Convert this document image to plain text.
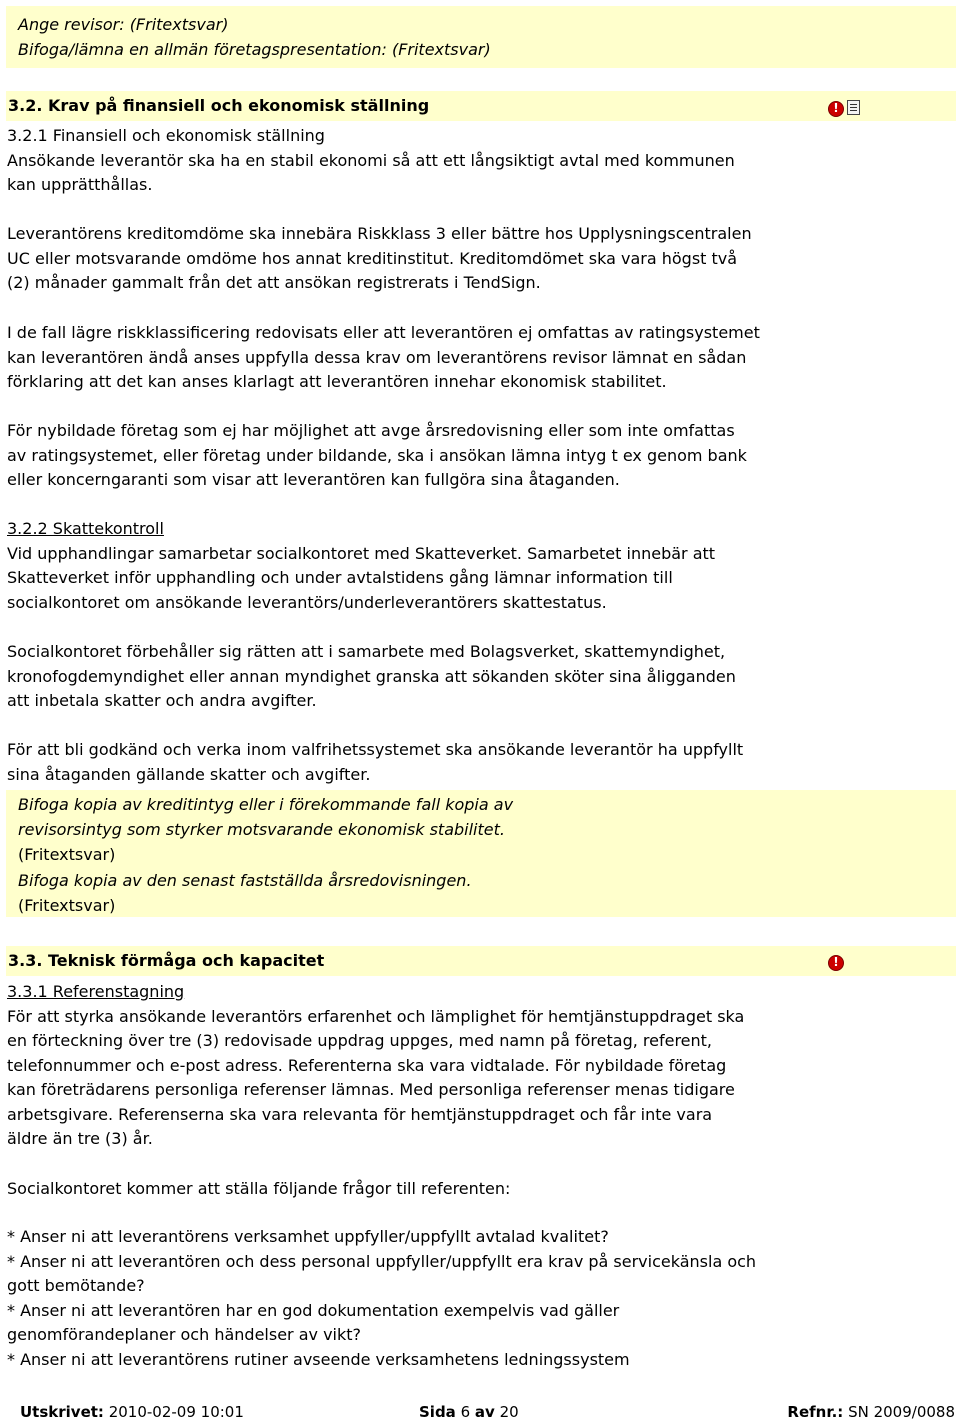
Ange revisor: (Fritextsvar)

Bifoga/lämna en allmän företagspresentation: (Fritextsvar)

3.2. Krav på finansiell och ekonomisk ställning

!

3.2.1 Finansiell och ekonomisk ställning

Ansökande leverantör ska ha en stabil ekonomi så att ett långsiktigt avtal med kommunen

kan upprätthållas.

Leverantörens kreditomdöme ska innebära Riskklass 3 eller bättre hos Upplysningscentralen

UC eller motsvarande omdöme hos annat kreditinstitut. Kreditomdömet ska vara högst två

(2) månader gammalt från det att ansökan registrerats i TendSign.

I de fall lägre riskklassificering redovisats eller att leverantören ej omfattas av ratingsystemet

kan leverantören ändå anses uppfylla dessa krav om leverantörens revisor lämnat en sådan

förklaring att det kan anses klarlagt att leverantören innehar ekonomisk stabilitet.

För nybildade företag som ej har möjlighet att avge årsredovisning eller som inte omfattas

av ratingsystemet, eller företag under bildande, ska i ansökan lämna intyg t ex genom bank

eller koncerngaranti som visar att leverantören kan fullgöra sina åtaganden.

3.2.2 Skattekontroll

Vid upphandlingar samarbetar socialkontoret med Skatteverket. Samarbetet innebär att

Skatteverket inför upphandling och under avtalstidens gång lämnar information till

socialkontoret om ansökande leverantörs/underleverantörers skattestatus.

Socialkontoret förbehåller sig rätten att i samarbete med Bolagsverket, skattemyndighet,

kronofogdemyndighet eller annan myndighet granska att sökanden sköter sina åligganden

att inbetala skatter och andra avgifter.

För att bli godkänd och verka inom valfrihetssystemet ska ansökande leverantör ha uppfyllt

sina åtaganden gällande skatter och avgifter.

Bifoga kopia av kreditintyg eller i förekommande fall kopia av

revisorsintyg som styrker motsvarande ekonomisk stabilitet.

(Fritextsvar)

Bifoga kopia av den senast fastställda årsredovisningen.

(Fritextsvar)

3.3. Teknisk förmåga och kapacitet

!

3.3.1 Referenstagning

För att styrka ansökande leverantörs erfarenhet och lämplighet för hemtjänstuppdraget ska

en förteckning över tre (3) redovisade uppdrag uppges, med namn på företag, referent,

telefonnummer och e-post adress. Referenterna ska vara vidtalade. För nybildade företag

kan företrädarens personliga referenser lämnas. Med personliga referenser menas tidigare

arbetsgivare. Referenserna ska vara relevanta för hemtjänstuppdraget och får inte vara

äldre än tre (3) år.

Socialkontoret kommer att ställa följande frågor till referenten:

* Anser ni att leverantörens verksamhet uppfyller/uppfyllt avtalad kvalitet?

* Anser ni att leverantören och dess personal uppfyller/uppfyllt era krav på servicekänsla och

gott bemötande?

* Anser ni att leverantören har en god dokumentation exempelvis vad gäller

genomförandeplaner och händelser av vikt?

* Anser ni att leverantörens rutiner avseende verksamhetens ledningssystem

Utskrivet: 2010-02-09 10:01	Sida 6 av 20	Refnr.: SN 2009/0088
